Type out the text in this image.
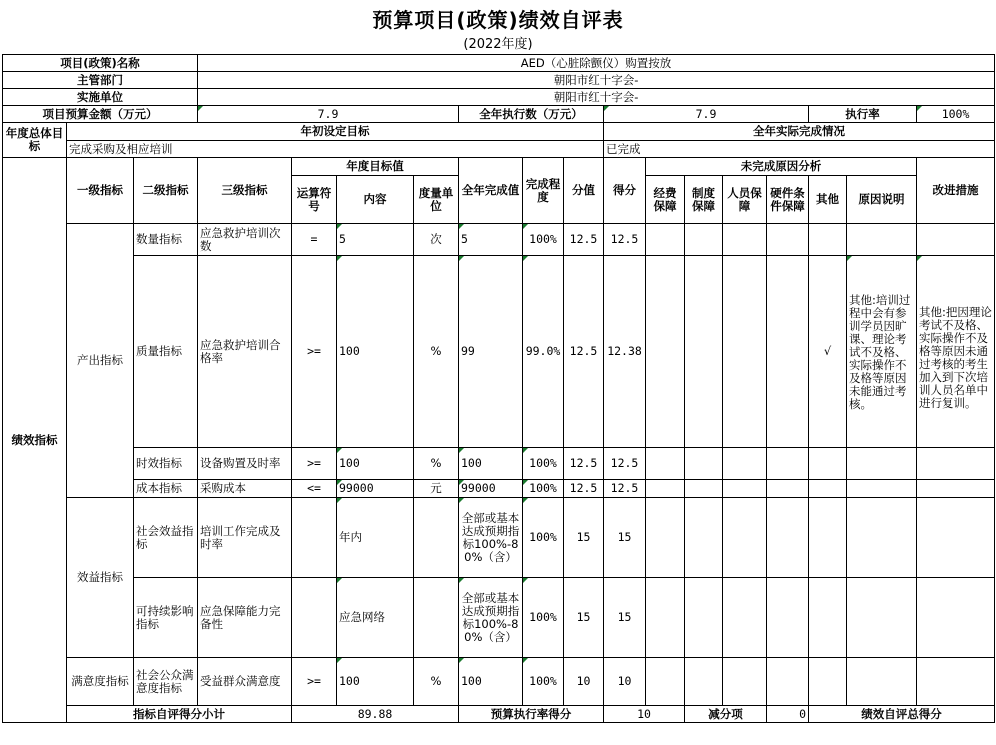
预算项目(政策)绩效自评表
(2022年度)
项目(政策)名称			AED（心脏除颤仪）购置按放															
主管部门			朝阳市红十字会-															
实施单位			朝阳市红十字会-															
项目预算金额（万元）			7.9				全年执行数（万元）			7.9					执行率		100%	
年度总体目标	年初设定目标									全年实际完成情况								
	完成采购及相应培训									已完成								
绩效指标	一级指标	二级指标	三级指标	年度目标值			全年完成值	完成程度	分值	得分	未完成原因分析						改进措施	
				运算符号	内容	度量单位					经费保障	制度保障	人员保障	硬件条件保障	其他	原因说明		
	产出指标	数量指标	应急救护培训次数	=	5	次	5	100%	12.5	12.5								
		质量指标	应急救护培训合格率	>=	100	%	99	99.0%	12.5	12.38					√	其他:培训过程中会有参训学员因旷课、理论考试不及格、实际操作不及格等原因未能通过考核。	其他:把因理论考试不及格、实际操作不及格等原因未通过考核的考生加入到下次培训人员名单中进行复训。	
		时效指标	设备购置及时率	>=	100	%	100	100%	12.5	12.5								
		成本指标	采购成本	<=	99000	元	99000	100%	12.5	12.5								
	效益指标	社会效益指标	培训工作完成及时率		年内		全部或基本达成预期指标100%-80%（含）	100%	15	15								
		可持续影响指标	应急保障能力完备性		应急网络		全部或基本达成预期指标100%-80%（含）	100%	15	15								
	满意度指标	社会公众满意度指标	受益群众满意度	>=	100	%	100	100%	10	10								
	指标自评得分小计			89.88			预算执行率得分			10		减分项		0	绩效自评总得分	
